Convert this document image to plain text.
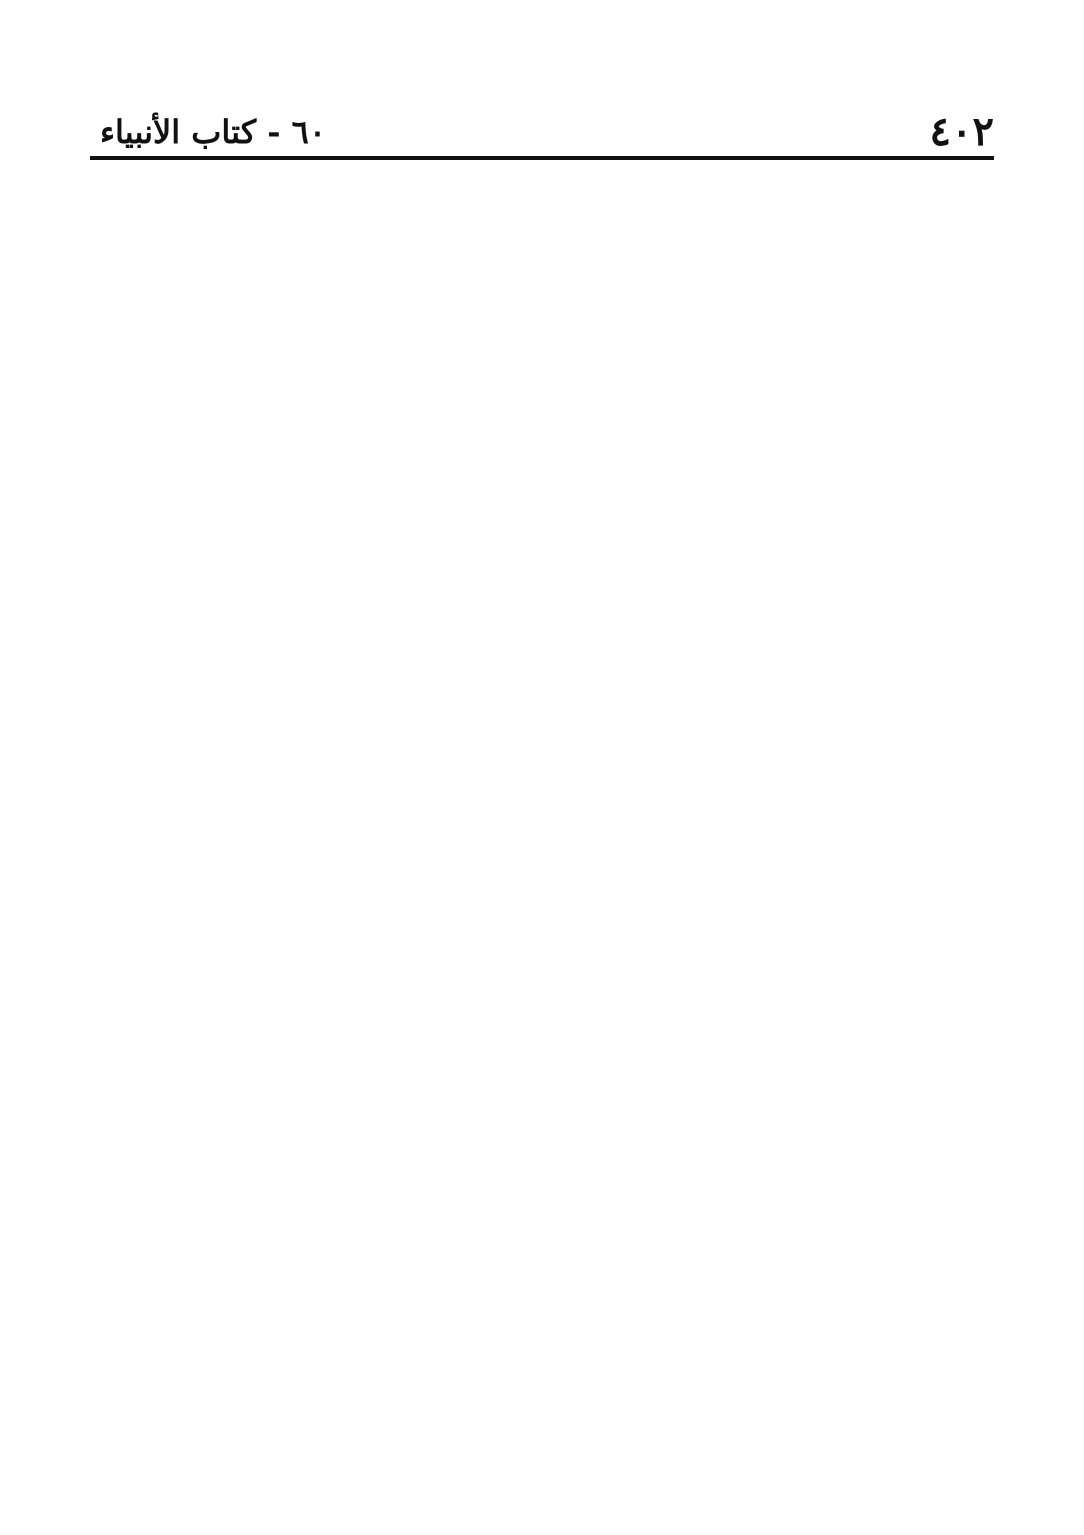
٤٠٢
٦٠ - كتاب الأنبياء
